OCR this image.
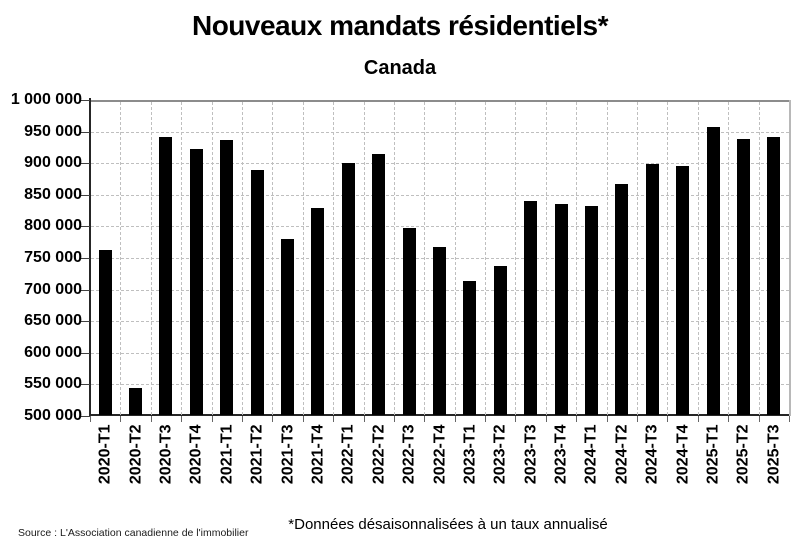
Nouveaux mandats résidentiels*
Canada
1 000 000
950 000
900 000
850 000
800 000
750 000
700 000
650 000
600 000
550 000
500 000
2020-T1 2020-T2 2020-T3 2020-T4 2021-T1 2021-T2 2021-T3 2021-T4 2022-T1 2022-T2 2022-T3 2022-T4 2023-T1 2023-T2 2023-T3 2023-T4 2024-T1 2024-T2 2024-T3 2024-T4 2025-T1 2025-T2 2025-T3
*Données désaisonnalisées à un taux annualisé
Source : L'Association canadienne de l'immobilier
